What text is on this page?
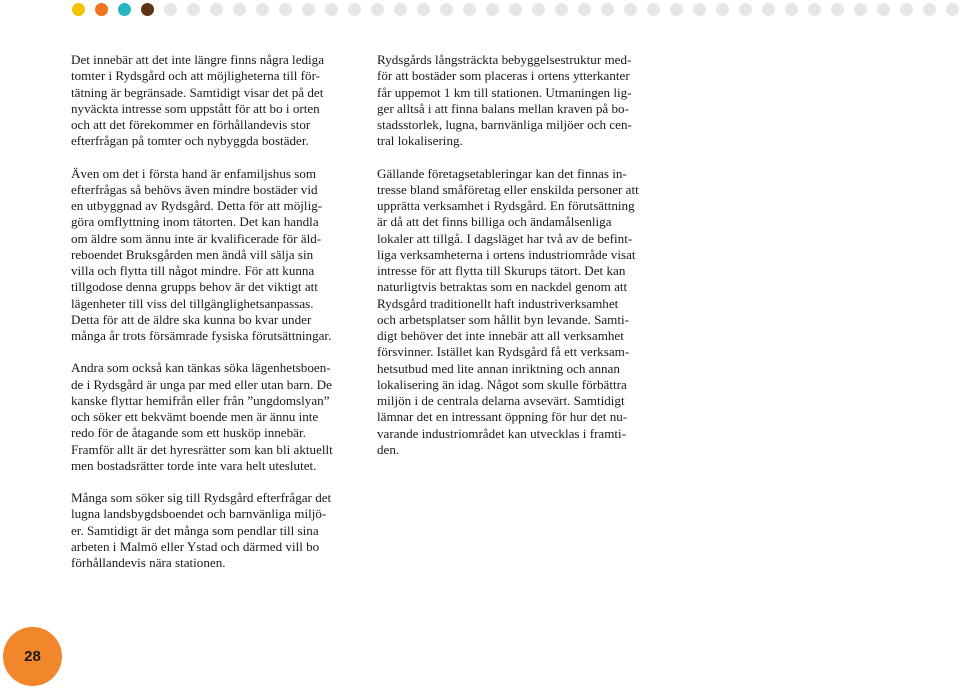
Det innebär att det inte längre finns några lediga
tomter i Rydsgård och att möjligheterna till för-
tätning är begränsade. Samtidigt visar det på det
nyväckta intresse som uppstått för att bo i orten
och att det förekommer en förhållandevis stor
efterfrågan på tomter och nybyggda bostäder.

Även om det i första hand är enfamiljshus som
efterfrågas så behövs även mindre bostäder vid
en utbyggnad av Rydsgård. Detta för att möjlig-
göra omflyttning inom tätorten. Det kan handla
om äldre som ännu inte är kvalificerade för äld-
reboendet Bruksgården men ändå vill sälja sin
villa och flytta till något mindre. För att kunna
tillgodose denna grupps behov är det viktigt att
lägenheter till viss del tillgänglighetsanpassas.
Detta för att de äldre ska kunna bo kvar under
många år trots försämrade fysiska förutsättningar.

Andra som också kan tänkas söka lägenhetsboen-
de i Rydsgård är unga par med eller utan barn. De
kanske flyttar hemifrån eller från ”ungdomslyan”
och söker ett bekvämt boende men är ännu inte
redo för de åtagande som ett husköp innebär.
Framför allt är det hyresrätter som kan bli aktuellt
men bostadsrätter torde inte vara helt uteslutet.

Många som söker sig till Rydsgård efterfrågar det
lugna landsbygdsboendet och barnvänliga miljö-
er. Samtidigt är det många som pendlar till sina
arbeten i Malmö eller Ystad och därmed vill bo
förhållandevis nära stationen.

Rydsgårds långsträckta bebyggelsestruktur med-
för att bostäder som placeras i ortens ytterkanter
får uppemot 1 km till stationen. Utmaningen lig-
ger alltså i att finna balans mellan kraven på bo-
stadsstorlek, lugna, barnvänliga miljöer och cen-
tral lokalisering.

Gällande företagsetableringar kan det finnas in-
tresse bland småföretag eller enskilda personer att
upprätta verksamhet i Rydsgård. En förutsättning
är då att det finns billiga och ändamålsenliga
lokaler att tillgå. I dagsläget har två av de befint-
liga verksamheterna i ortens industriområde visat
intresse för att flytta till Skurups tätort. Det kan
naturligtvis betraktas som en nackdel genom att
Rydsgård traditionellt haft industriverksamhet
och arbetsplatser som hållit byn levande. Samti-
digt behöver det inte innebär att all verksamhet
försvinner. Istället kan Rydsgård få ett verksam-
hetsutbud med lite annan inriktning och annan
lokalisering än idag. Något som skulle förbättra
miljön i de centrala delarna avsevärt. Samtidigt
lämnar det en intressant öppning för hur det nu-
varande industriområdet kan utvecklas i framti-
den.

28
